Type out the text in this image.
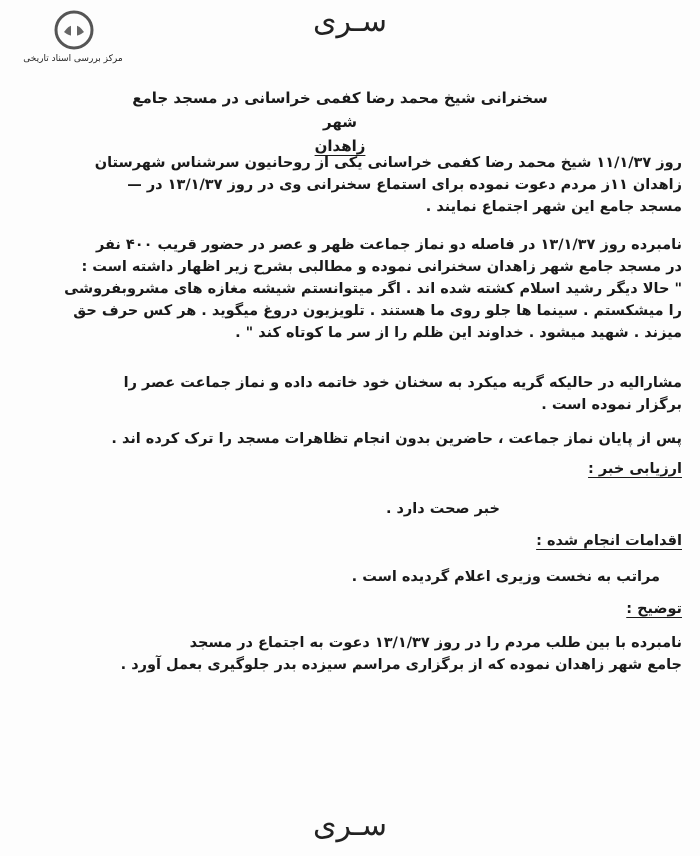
مرکز بررسی اسناد تاریخی
سـری
سخنرانی شیخ محمد رضا کفمی خراسانی در مسجد جامع شهر
زاهدان
روز ۱۱/۱/۳۷ شیخ محمد رضا کفمی خراسانی یکی از روحانیون سرشناس شهرستان
زاهدان ۱۱ز مردم دعوت نموده برای استماع سخنرانی وی در روز ۱۳/۱/۳۷ در —
مسجد جامع این شهر اجتماع نمایند .
نامبرده روز ۱۳/۱/۳۷ در فاصله دو نماز جماعت ظهر و عصر در حضور قریب ۴۰۰ نفر
در مسجد جامع شهر زاهدان سخنرانی نموده و مطالبی بشرح زیر اظهار داشته است :
" حالا دیگر رشید اسلام کشته شده اند . اگر میتوانستم شیشه مغازه های مشروبفروشی
را میشکستم . سینما ها جلو روی ما هستند . تلویزیون دروغ میگوید . هر کس حرف حق
میزند . شهید میشود . خداوند این ظلم را از سر ما کوتاه کند " .
مشارالیه در حالیکه گریه میکرد به سخنان خود خاتمه داده و نماز جماعت عصر را
برگزار نموده است .
پس از پایان نماز جماعت ، حاضرین بدون انجام تظاهرات مسجد را ترک کرده اند .
ارزیابی خبر :
خبر صحت دارد .
اقدامات انجام شده :
مراتب به نخست وزیری اعلام گردیده است .
توضیح :
نامبرده با بین طلب مردم را در روز ۱۳/۱/۳۷ دعوت به اجتماع در مسجد
جامع شهر زاهدان نموده که از برگزاری مراسم سیزده بدر جلوگیری بعمل آورد .
سـری
